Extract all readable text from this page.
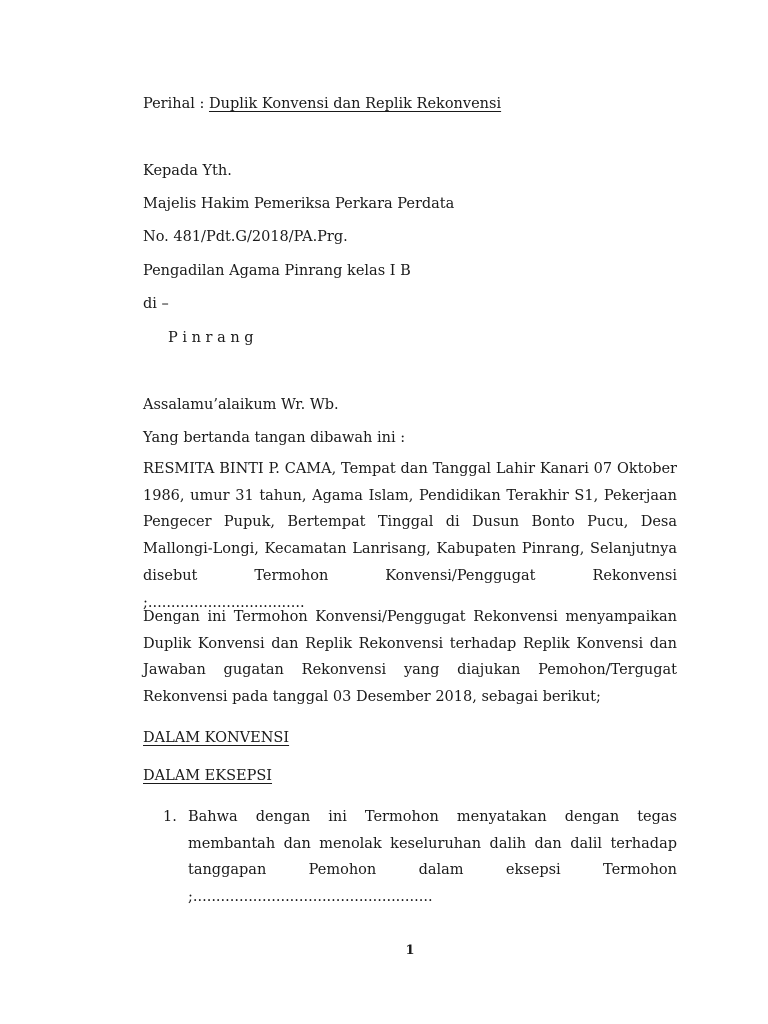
Perihal : Duplik Konvensi dan Replik Rekonvensi
Kepada Yth.
Majelis Hakim Pemeriksa Perkara Perdata
No. 481/Pdt.G/2018/PA.Prg.
Pengadilan Agama Pinrang kelas I B
di –
P i n r a n g
Assalamu’alaikum Wr. Wb.
Yang bertanda tangan dibawah ini :
RESMITA BINTI P. CAMA, Tempat dan Tanggal Lahir Kanari 07 Oktober 1986, umur 31 tahun, Agama Islam, Pendidikan Terakhir S1, Pekerjaan Pengecer Pupuk, Bertempat Tinggal di Dusun Bonto Pucu, Desa Mallongi-Longi, Kecamatan Lanrisang, Kabupaten Pinrang, Selanjutnya disebut Termohon Konvensi/Penggugat Rekonvensi ;..................................
Dengan ini Termohon Konvensi/Penggugat Rekonvensi menyampaikan Duplik Konvensi dan Replik Rekonvensi terhadap Replik Konvensi dan Jawaban gugatan Rekonvensi yang diajukan Pemohon/Tergugat Rekonvensi pada tanggal 03 Desember 2018, sebagai berikut;
DALAM KONVENSI
DALAM EKSEPSI
1. Bahwa dengan ini Termohon menyatakan dengan tegas membantah dan menolak keseluruhan dalih dan dalil terhadap tanggapan Pemohon dalam eksepsi Termohon ;....................................................
1
